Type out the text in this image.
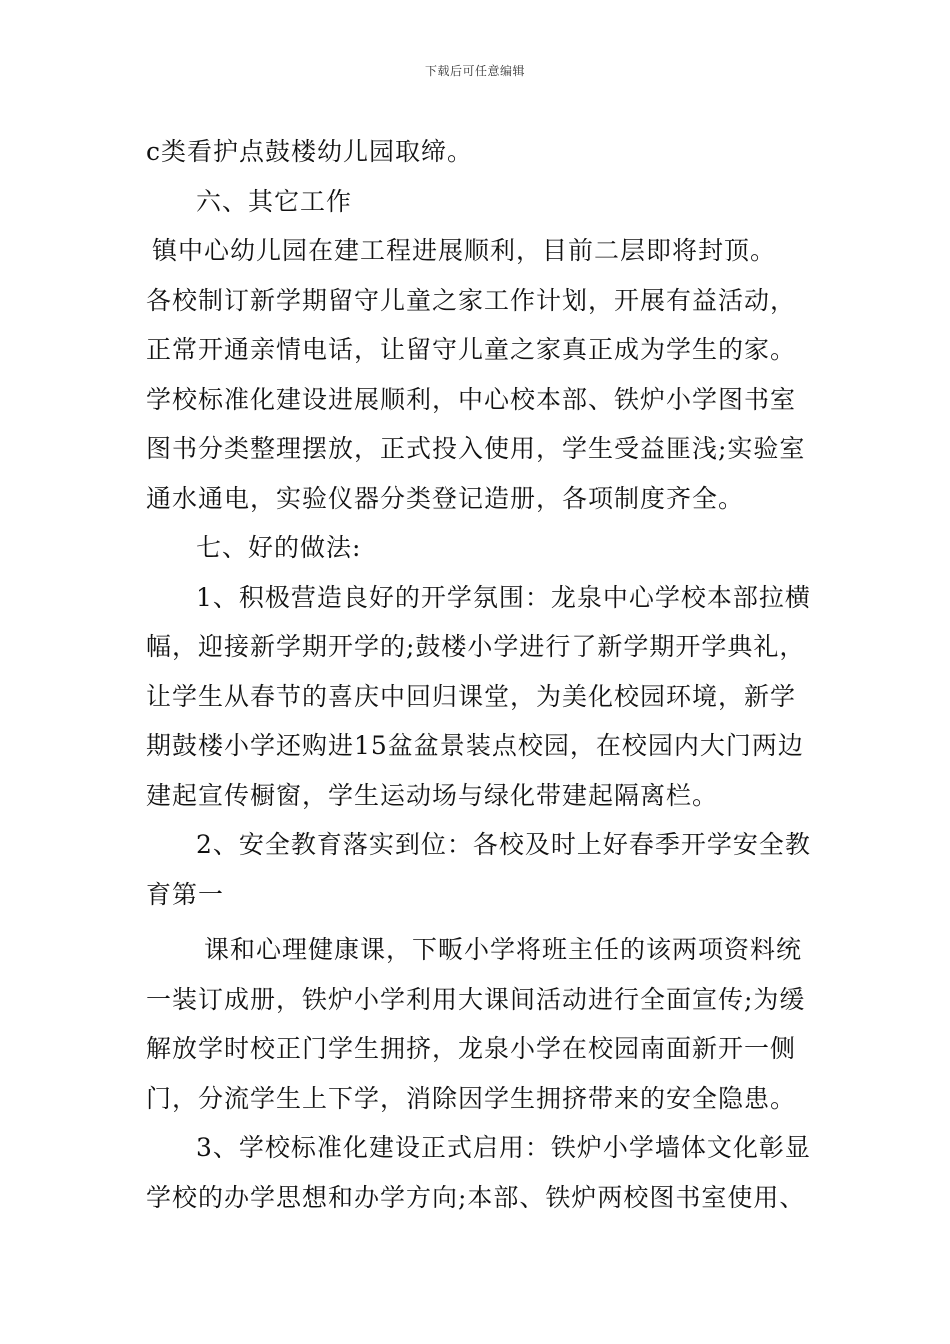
下载后可任意编辑
c类看护点鼓楼幼儿园取缔。
六、其它工作
镇中心幼儿园在建工程进展顺利，目前二层即将封顶。
各校制订新学期留守儿童之家工作计划，开展有益活动，
正常开通亲情电话，让留守儿童之家真正成为学生的家。
学校标准化建设进展顺利，中心校本部、铁炉小学图书室
图书分类整理摆放，正式投入使用，学生受益匪浅;实验室
通水通电，实验仪器分类登记造册，各项制度齐全。
七、好的做法:
1、积极营造良好的开学氛围：龙泉中心学校本部拉横
幅，迎接新学期开学的;鼓楼小学进行了新学期开学典礼，
让学生从春节的喜庆中回归课堂，为美化校园环境，新学
期鼓楼小学还购进15盆盆景装点校园，在校园内大门两边
建起宣传橱窗，学生运动场与绿化带建起隔离栏。
2、安全教育落实到位：各校及时上好春季开学安全教
育第一
课和心理健康课，下畈小学将班主任的该两项资料统
一装订成册，铁炉小学利用大课间活动进行全面宣传;为缓
解放学时校正门学生拥挤，龙泉小学在校园南面新开一侧
门，分流学生上下学，消除因学生拥挤带来的安全隐患。
3、学校标准化建设正式启用：铁炉小学墙体文化彰显
学校的办学思想和办学方向;本部、铁炉两校图书室使用、
